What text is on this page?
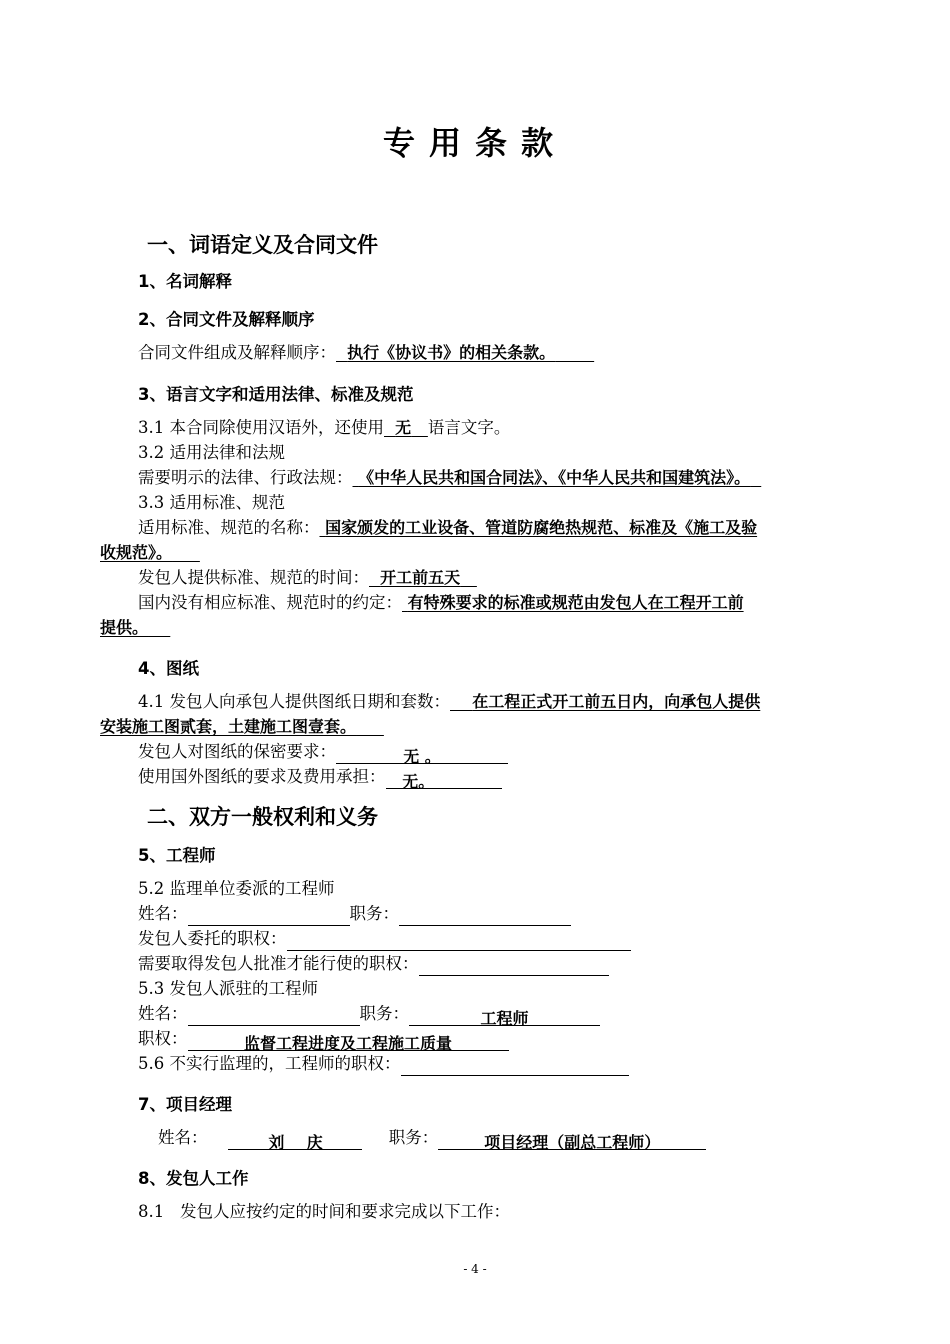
专用条款
一、词语定义及合同文件
1、名词解释
2、合同文件及解释顺序
合同文件组成及解释顺序： 执行《协议书》的相关条款。
3、语言文字和适用法律、标准及规范
3.1 本合同除使用汉语外，还使用 无 语言文字。
3.2 适用法律和法规
需要明示的法律、行政法规： 《中华人民共和国合同法》、《中华人民共和国建筑法》。
3.3 适用标准、规范
适用标准、规范的名称： 国家颁发的工业设备、管道防腐绝热规范、标准及《施工及验
收规范》。
发包人提供标准、规范的时间： 开工前五天
国内没有相应标准、规范时的约定： 有特殊要求的标准或规范由发包人在工程开工前
提供。
4、图纸
4.1 发包人向承包人提供图纸日期和套数： 在工程正式开工前五日内，向承包人提供
安装施工图贰套，土建施工图壹套。
发包人对图纸的保密要求：	无 。
使用国外图纸的要求及费用承担： 无。
二、双方一般权利和义务
5、工程师
5.2 监理单位委派的工程师
姓名：	职务：
发包人委托的职权：
需要取得发包人批准才能行使的职权：
5.3 发包人派驻的工程师
姓名：	职务：	工程师
职权：	监督工程进度及工程施工质量
5.6 不实行监理的，工程师的职权：
7、项目经理
姓名：	刘    庆	职务：	项目经理（副总工程师）
8、发包人工作
8.1   发包人应按约定的时间和要求完成以下工作：
- 4 -
